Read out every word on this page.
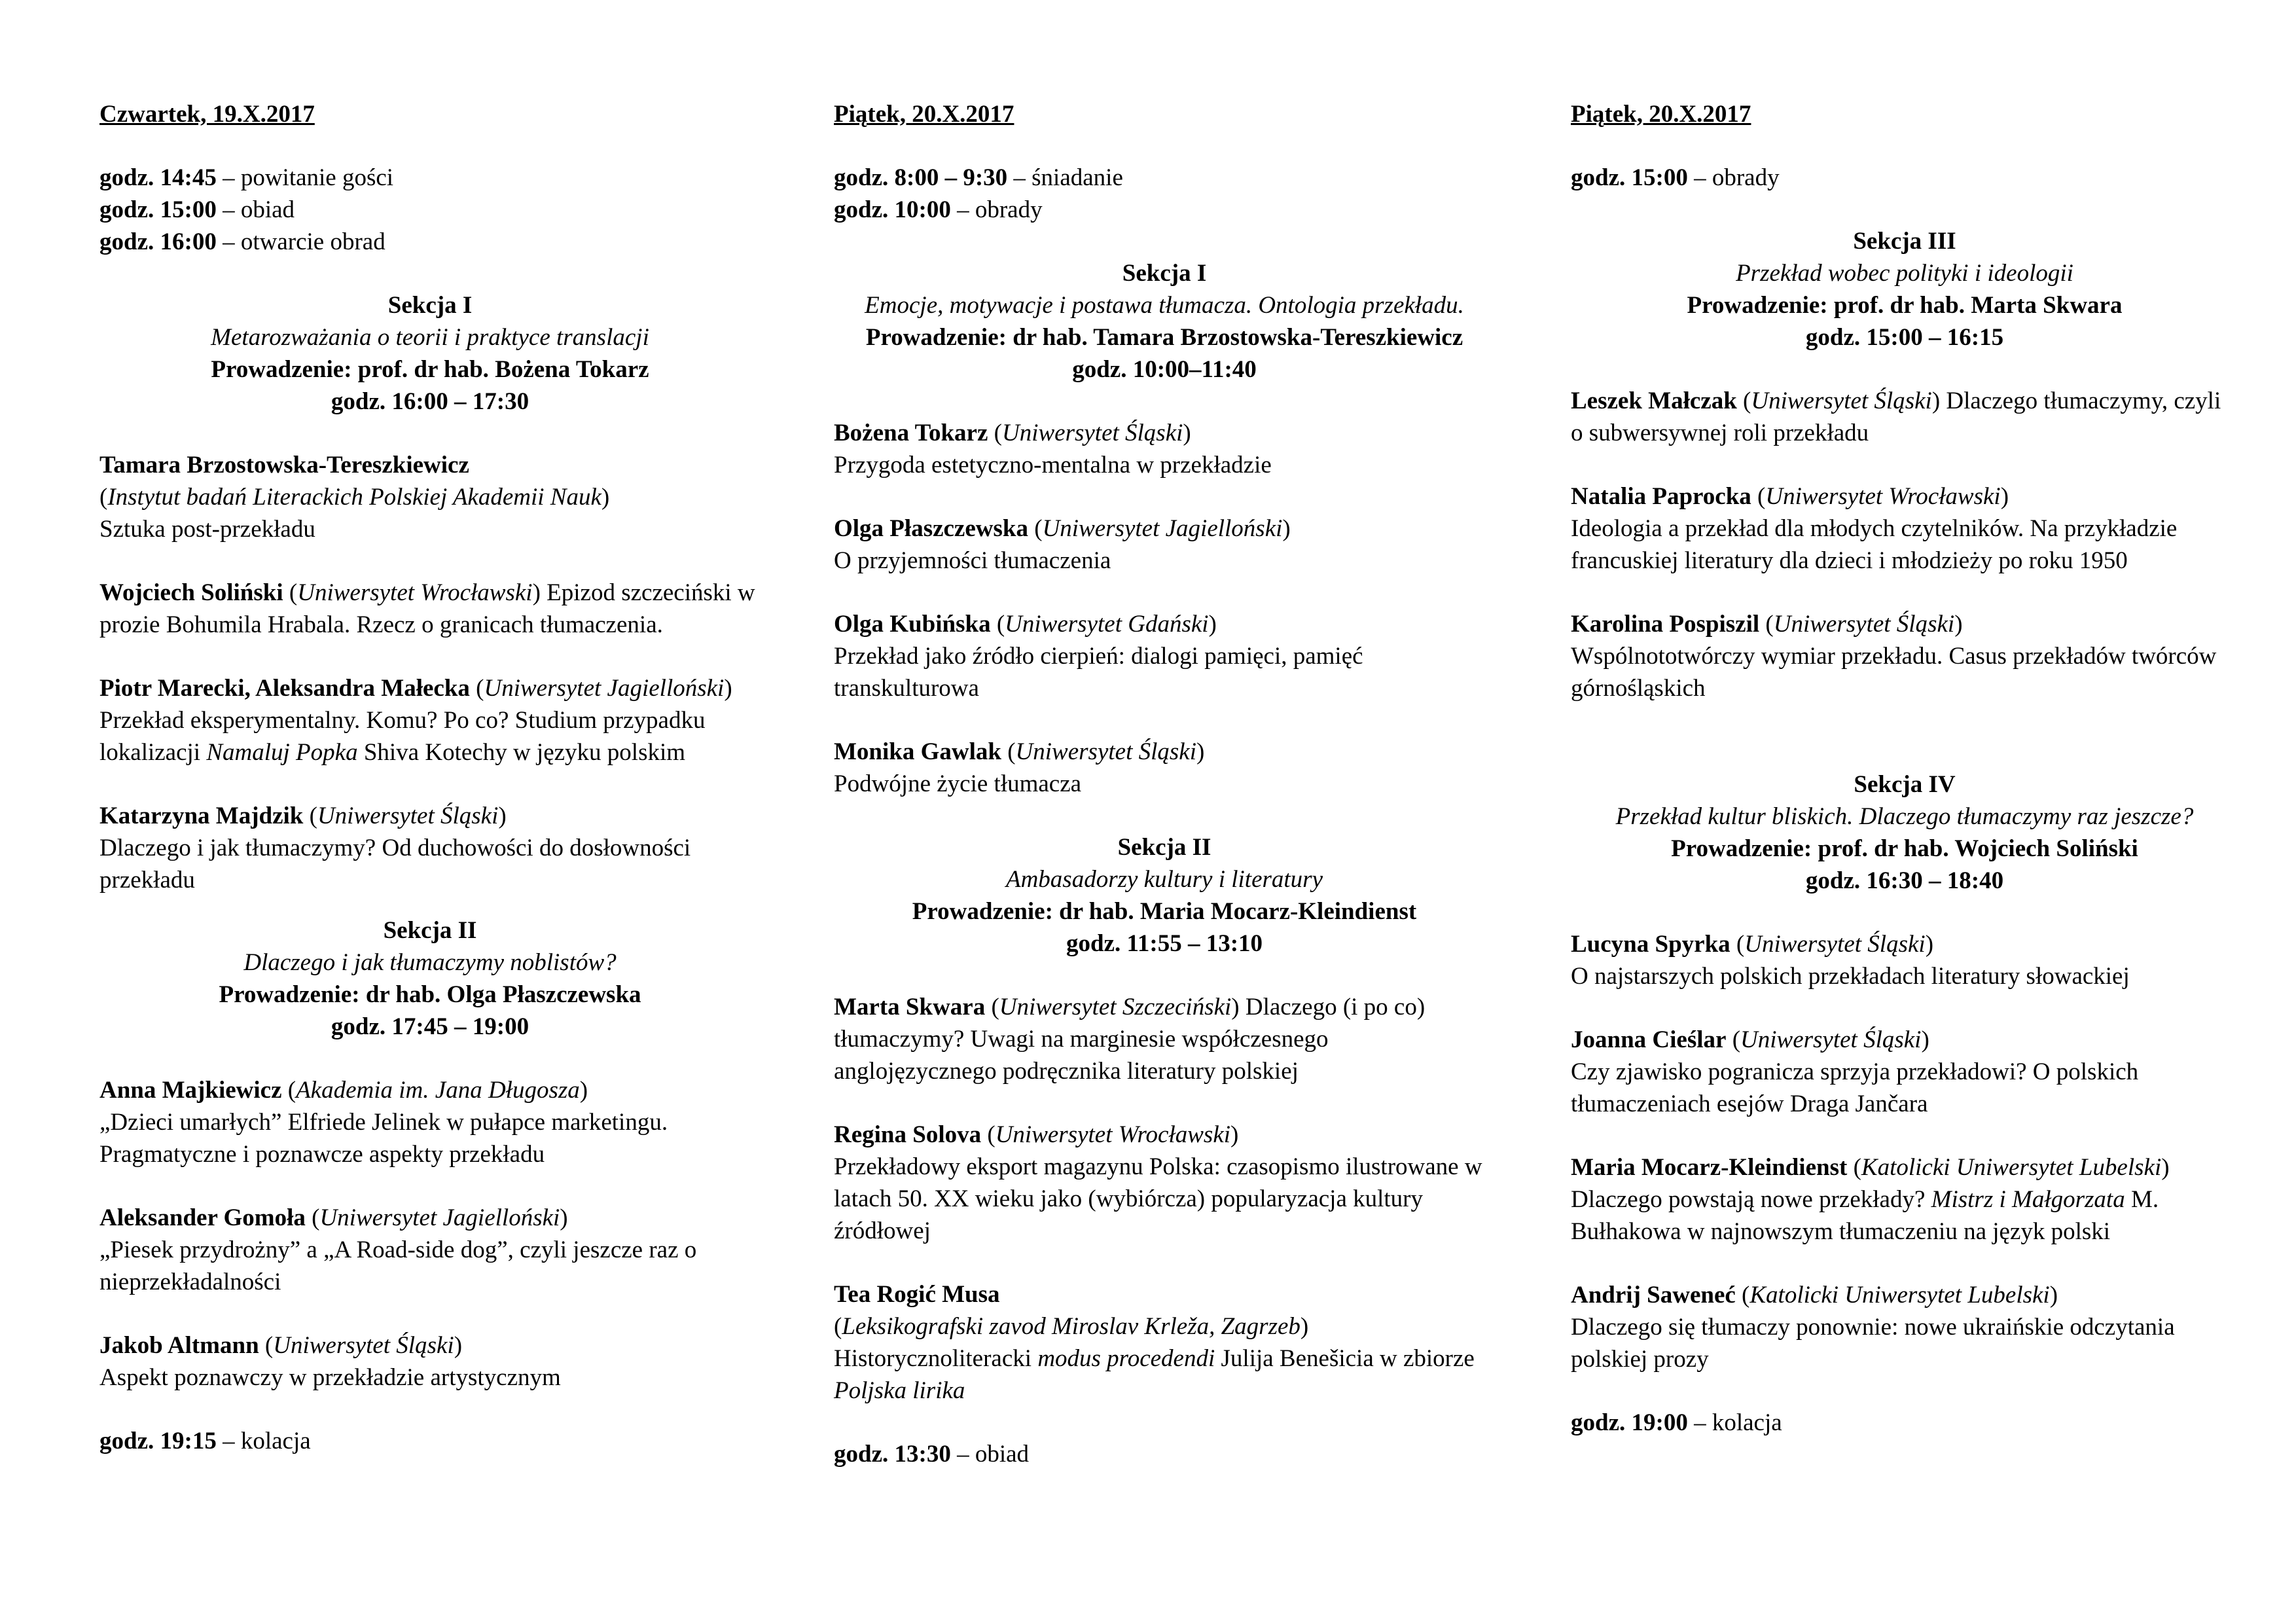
Czwartek, 19.X.2017

godz. 14:45 – powitanie gości

godz. 15:00 – obiad

godz. 16:00 – otwarcie obrad

Sekcja I

Metarozważania o teorii i praktyce translacji

Prowadzenie: prof. dr hab. Bożena Tokarz

godz. 16:00 – 17:30

Tamara Brzostowska-Tereszkiewicz

(Instytut badań Literackich Polskiej Akademii Nauk)

Sztuka post-przekładu

Wojciech Soliński (Uniwersytet Wrocławski) Epizod szczeciński w prozie Bohumila Hrabala. Rzecz o granicach tłumaczenia.

Piotr Marecki, Aleksandra Małecka (Uniwersytet Jagielloński) Przekład eksperymentalny. Komu? Po co? Studium przypadku lokalizacji Namaluj Popka Shiva Kotechy w języku polskim

Katarzyna Majdzik (Uniwersytet Śląski)

Dlaczego i jak tłumaczymy? Od duchowości do dosłowności przekładu

Sekcja II

Dlaczego i jak tłumaczymy noblistów?

Prowadzenie: dr hab. Olga Płaszczewska

godz. 17:45 – 19:00

Anna Majkiewicz (Akademia im. Jana Długosza)

„Dzieci umarłych” Elfriede Jelinek w pułapce marketingu. Pragmatyczne i poznawcze aspekty przekładu

Aleksander Gomoła (Uniwersytet Jagielloński)

„Piesek przydrożny” a „A Road-side dog”, czyli jeszcze raz o nieprzekładalności

Jakob Altmann (Uniwersytet Śląski)

Aspekt poznawczy w przekładzie artystycznym

godz. 19:15 – kolacja

Piątek, 20.X.2017

godz. 8:00 – 9:30 – śniadanie

godz. 10:00 – obrady

Sekcja I

Emocje, motywacje i postawa tłumacza. Ontologia przekładu.

Prowadzenie: dr hab. Tamara Brzostowska-Tereszkiewicz

godz. 10:00–11:40

Bożena Tokarz (Uniwersytet Śląski)

Przygoda estetyczno-mentalna w przekładzie

Olga Płaszczewska (Uniwersytet Jagielloński)

O przyjemności tłumaczenia

Olga Kubińska (Uniwersytet Gdański)

Przekład jako źródło cierpień: dialogi pamięci, pamięć transkulturowa

Monika Gawlak (Uniwersytet Śląski)

Podwójne życie tłumacza

Sekcja II

Ambasadorzy kultury i literatury

Prowadzenie: dr hab. Maria Mocarz-Kleindienst

godz. 11:55 – 13:10

Marta Skwara (Uniwersytet Szczeciński) Dlaczego (i po co) tłumaczymy? Uwagi na marginesie współczesnego anglojęzycznego podręcznika literatury polskiej

Regina Solova (Uniwersytet Wrocławski)

Przekładowy eksport magazynu Polska: czasopismo ilustrowane w latach 50. XX wieku jako (wybiórcza) popularyzacja kultury źródłowej

Tea Rogić Musa

(Leksikografski zavod Miroslav Krleža, Zagrzeb)

Historycznoliteracki modus procedendi Julija Benešicia w zbiorze Poljska lirika

godz. 13:30 – obiad

Piątek, 20.X.2017

godz. 15:00 – obrady

Sekcja III

Przekład wobec polityki i ideologii

Prowadzenie: prof. dr hab. Marta Skwara

godz. 15:00 – 16:15

Leszek Małczak (Uniwersytet Śląski) Dlaczego tłumaczymy, czyli o subwersywnej roli przekładu

Natalia Paprocka (Uniwersytet Wrocławski)

Ideologia a przekład dla młodych czytelników. Na przykładzie francuskiej literatury dla dzieci i młodzieży po roku 1950

Karolina Pospiszil (Uniwersytet Śląski)

Wspólnototwórczy wymiar przekładu. Casus przekładów twórców górnośląskich

Sekcja IV

Przekład kultur bliskich. Dlaczego tłumaczymy raz jeszcze?

Prowadzenie: prof. dr hab. Wojciech Soliński

godz. 16:30 – 18:40

Lucyna Spyrka (Uniwersytet Śląski)

O najstarszych polskich przekładach literatury słowackiej

Joanna Cieślar (Uniwersytet Śląski)

Czy zjawisko pogranicza sprzyja przekładowi? O polskich tłumaczeniach esejów Draga Jančara

Maria Mocarz-Kleindienst (Katolicki Uniwersytet Lubelski) Dlaczego powstają nowe przekłady? Mistrz i Małgorzata M. Bułhakowa w najnowszym tłumaczeniu na język polski

Andrij Saweneć (Katolicki Uniwersytet Lubelski)

Dlaczego się tłumaczy ponownie: nowe ukraińskie odczytania polskiej prozy

godz. 19:00 – kolacja
